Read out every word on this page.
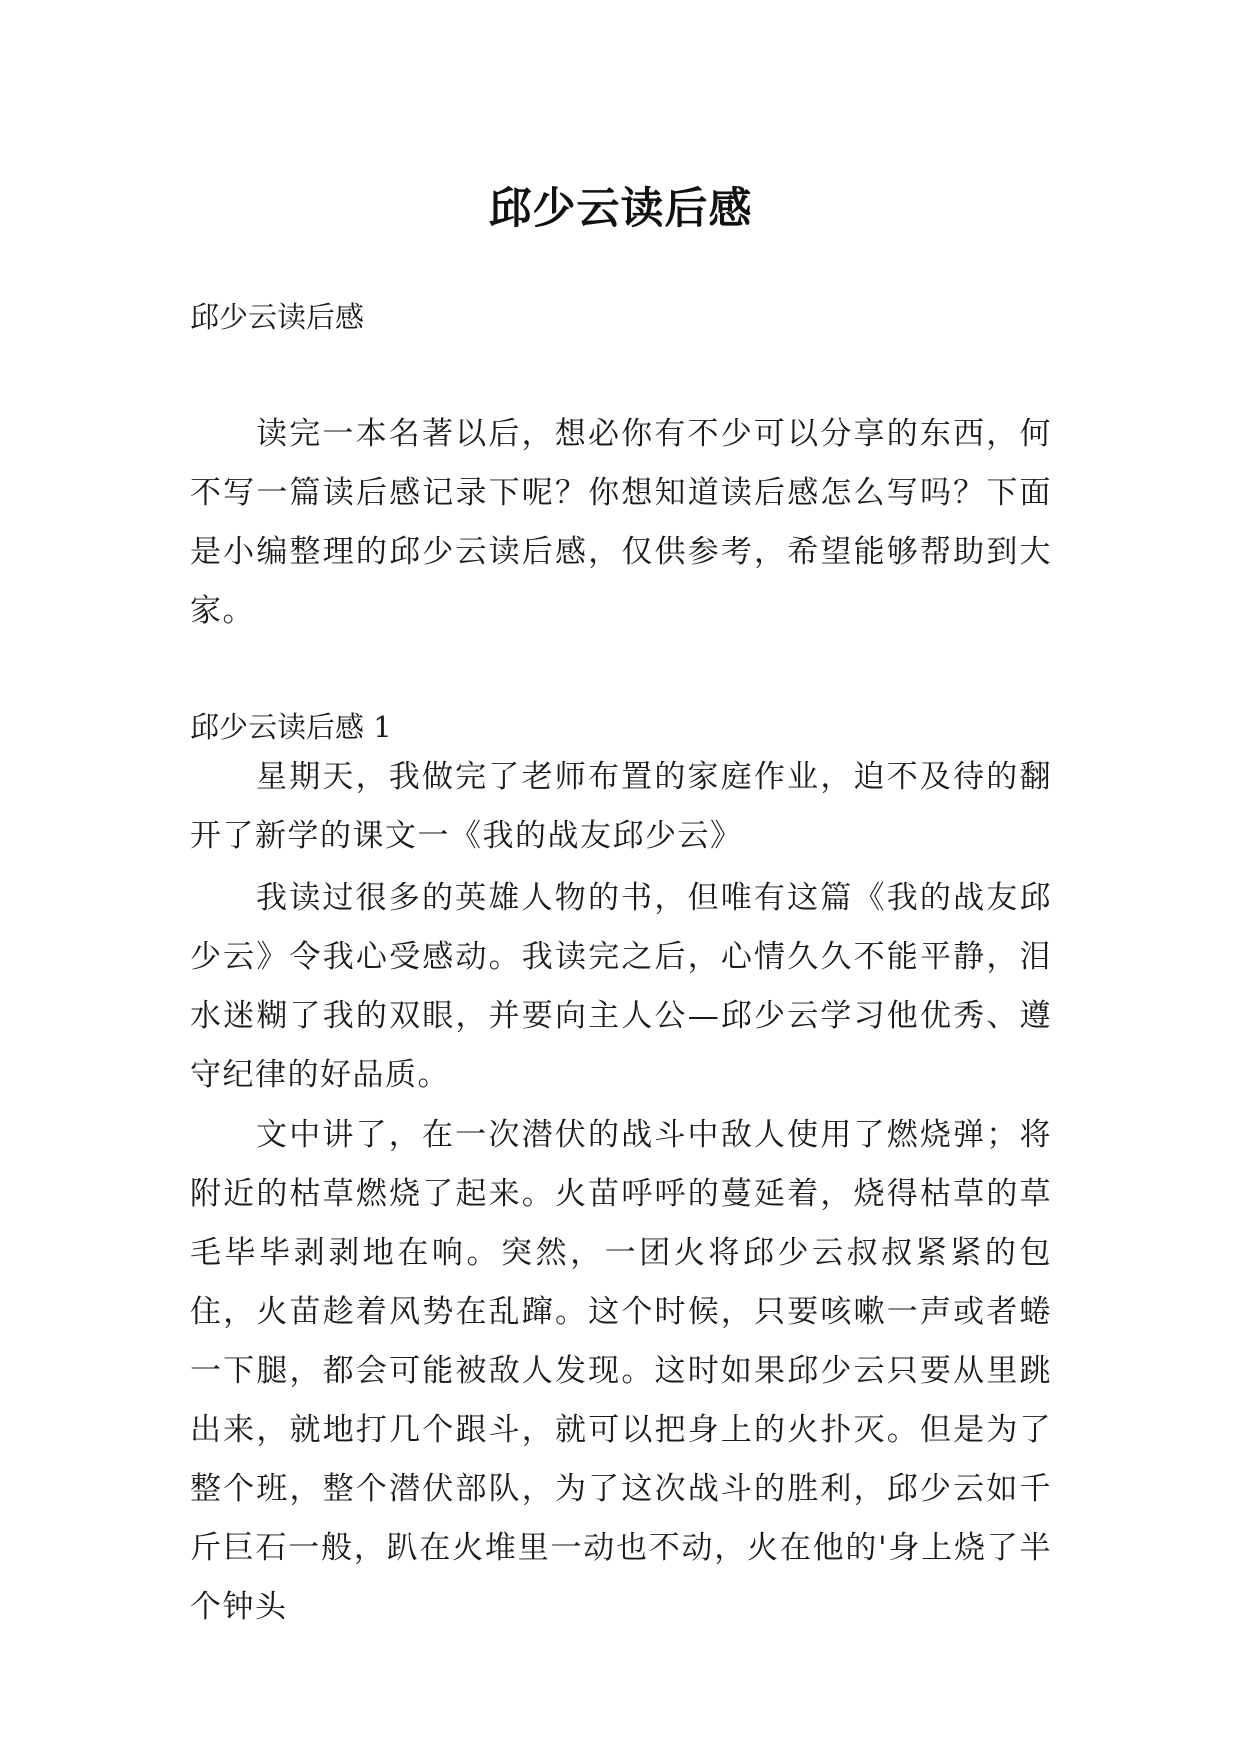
邱少云读后感

邱少云读后感

读完一本名著以后，想必你有不少可以分享的东西，何不写一篇读后感记录下呢？你想知道读后感怎么写吗？下面是小编整理的邱少云读后感，仅供参考，希望能够帮助到大家。

邱少云读后感 1

星期天，我做完了老师布置的家庭作业，迫不及待的翻开了新学的课文一《我的战友邱少云》

我读过很多的英雄人物的书，但唯有这篇《我的战友邱少云》令我心受感动。我读完之后，心情久久不能平静，泪水迷糊了我的双眼，并要向主人公—邱少云学习他优秀、遵守纪律的好品质。

文中讲了，在一次潜伏的战斗中敌人使用了燃烧弹；将附近的枯草燃烧了起来。火苗呼呼的蔓延着，烧得枯草的草毛毕毕剥剥地在响。突然，一团火将邱少云叔叔紧紧的包住，火苗趁着风势在乱蹿。这个时候，只要咳嗽一声或者蜷一下腿，都会可能被敌人发现。这时如果邱少云只要从里跳出来，就地打几个跟斗，就可以把身上的火扑灭。但是为了整个班，整个潜伏部队，为了这次战斗的胜利，邱少云如千斤巨石一般，趴在火堆里一动也不动，火在他的'身上烧了半个钟头
